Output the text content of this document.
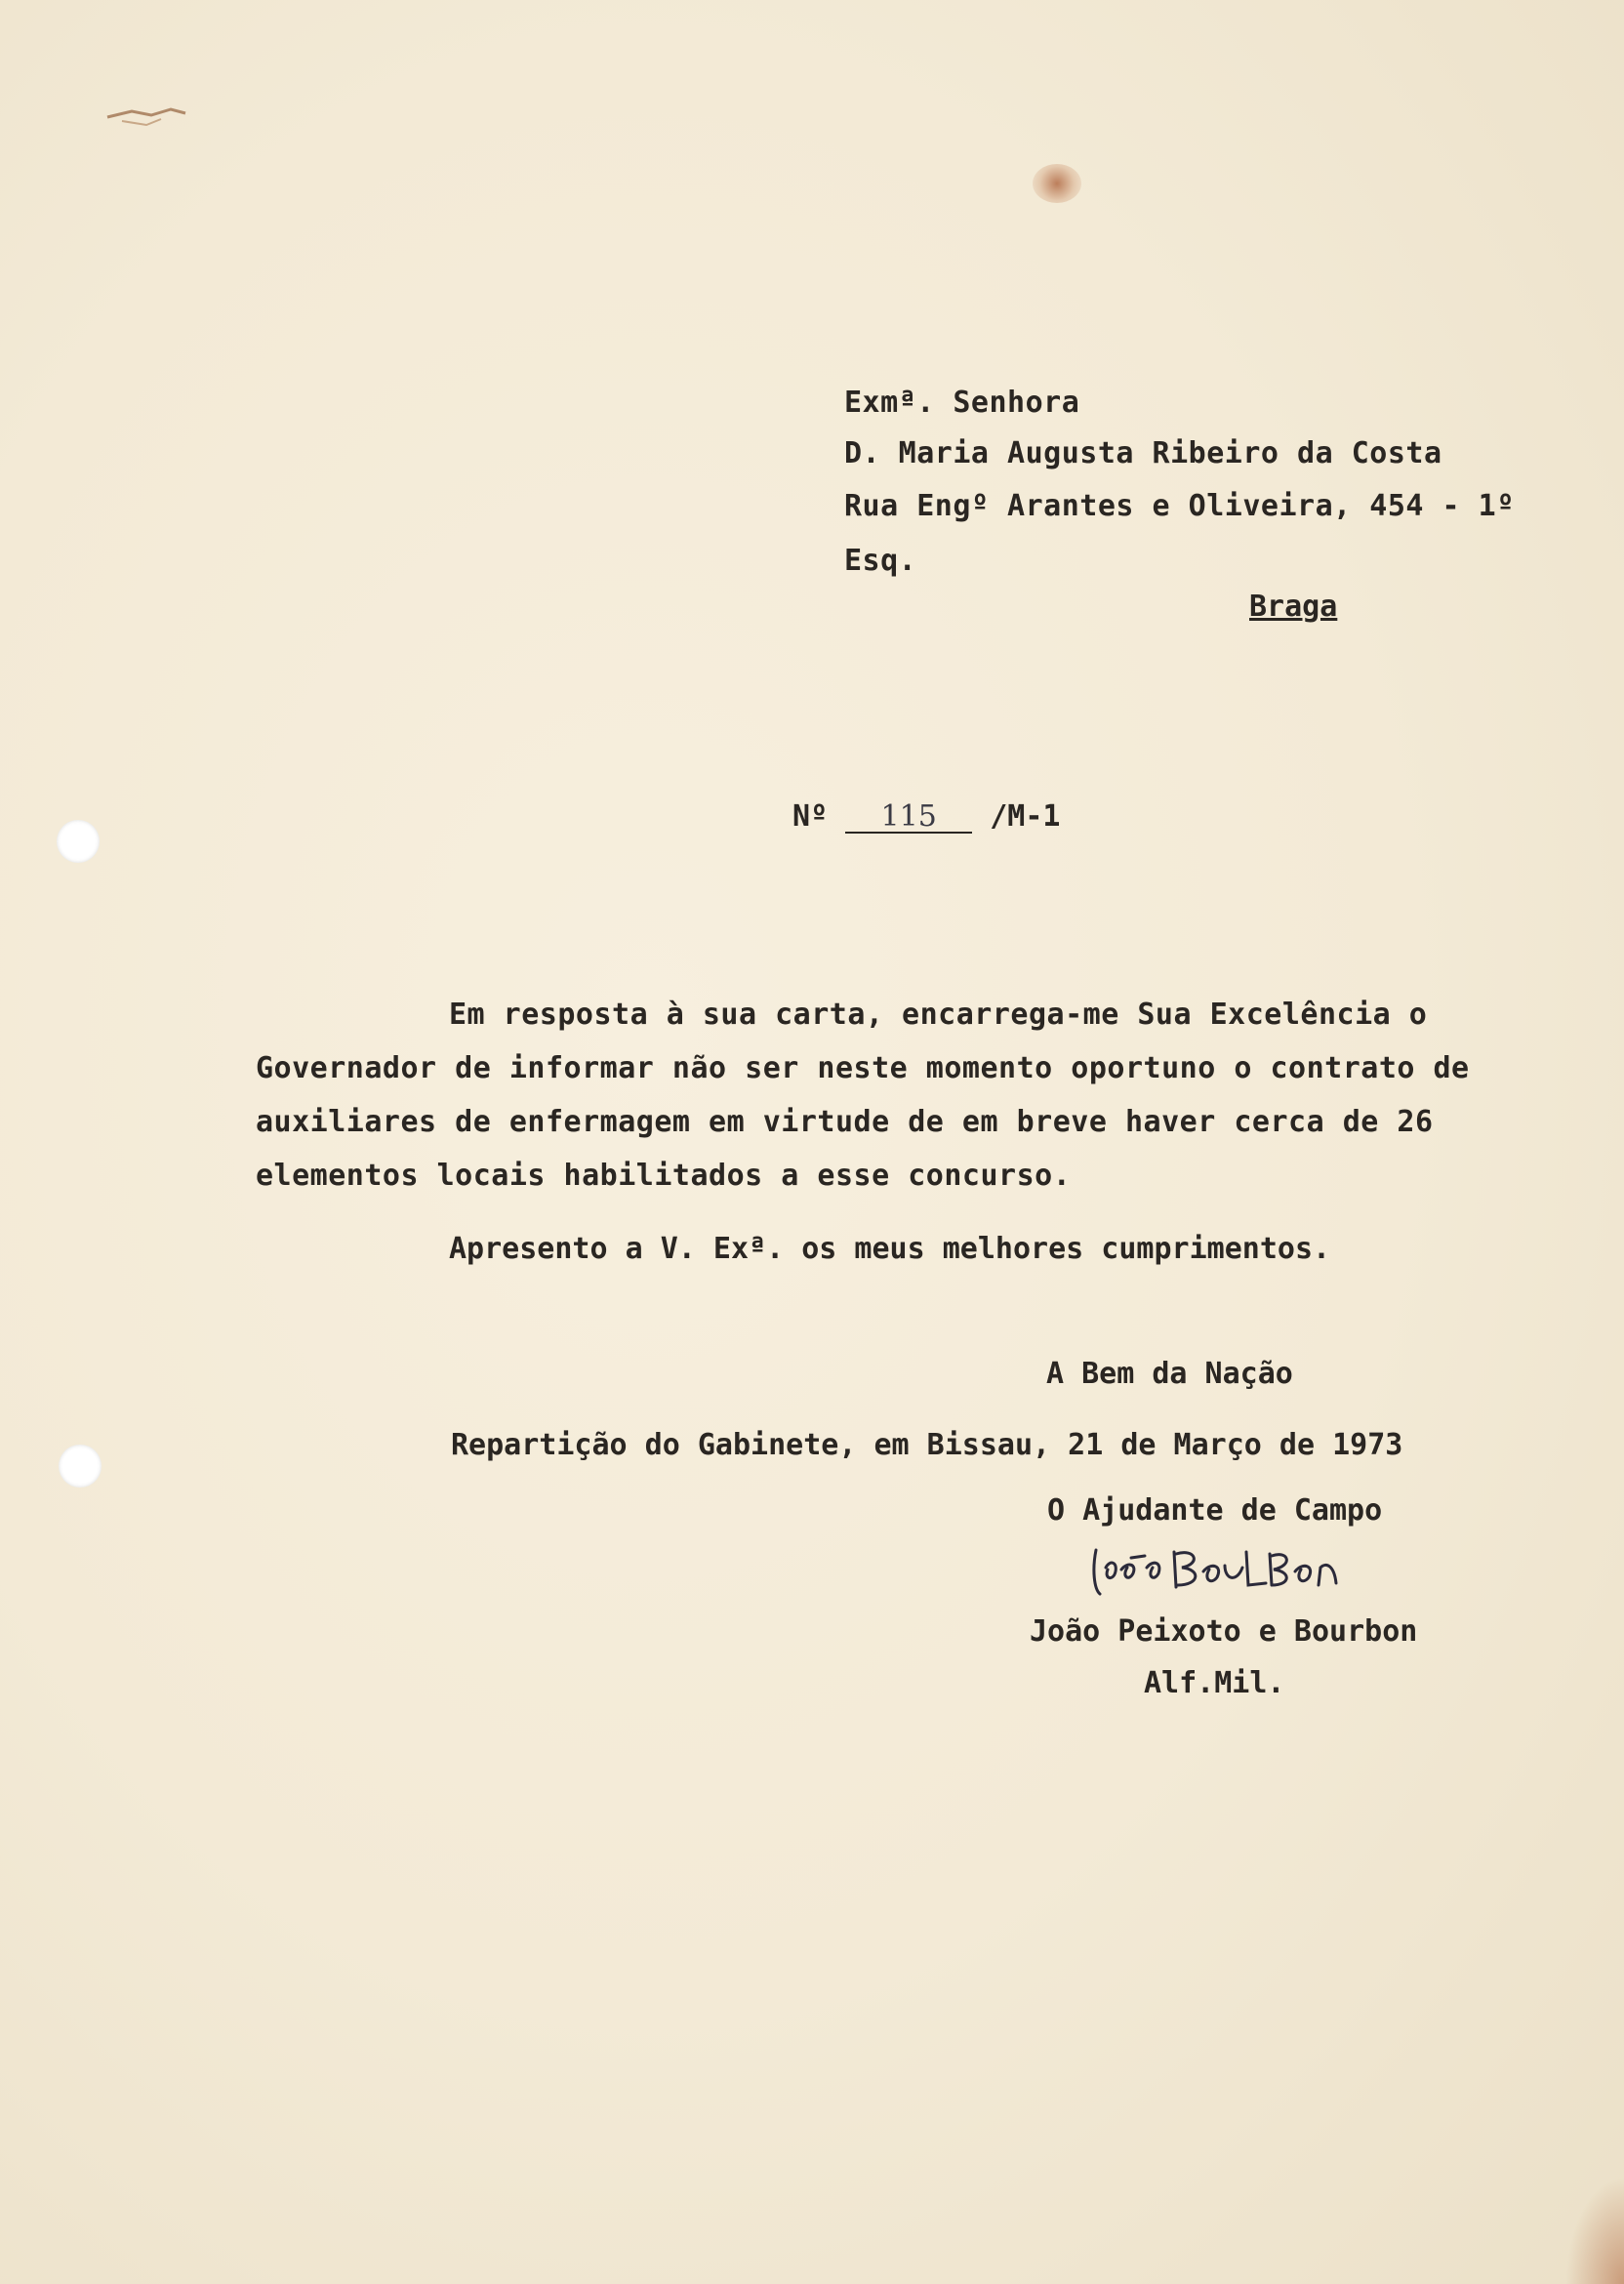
Exmª. Senhora
D. Maria Augusta Ribeiro da Costa
Rua Engº Arantes e Oliveira, 454 - 1º
Esq.
Braga
Nº 115 /M-1

Em resposta à sua carta, encarrega-me Sua Excelência o Governador de informar não ser neste momento oportuno o contrato de auxiliares de enfermagem em virtude de em breve haver cerca de 26 elementos locais habilitados a esse concurso.

Apresento a V. Exª. os meus melhores cumprimentos.
A Bem da Nação
Repartição do Gabinete, em Bissau, 21 de Março de 1973
O Ajudante de Campo
João Peixoto e Bourbon
Alf.Mil.
